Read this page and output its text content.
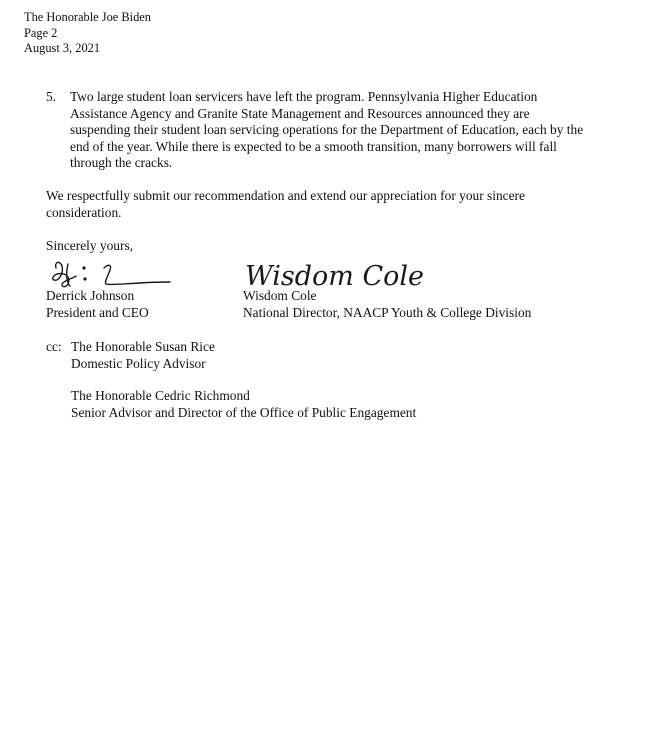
The Honorable Joe Biden
Page 2
August 3, 2021
5.	Two large student loan servicers have left the program. Pennsylvania Higher Education
Assistance Agency and Granite State Management and Resources announced they are
suspending their student loan servicing operations for the Department of Education, each by the
end of the year. While there is expected to be a smooth transition, many borrowers will fall
through the cracks.
We respectfully submit our recommendation and extend our appreciation for your sincere
consideration.
Sincerely yours,
Wisdom Cole
Derrick Johnson
President and CEO
Wisdom Cole
National Director, NAACP Youth & College Division
cc: The Honorable Susan Rice
Domestic Policy Advisor
The Honorable Cedric Richmond
Senior Advisor and Director of the Office of Public Engagement
